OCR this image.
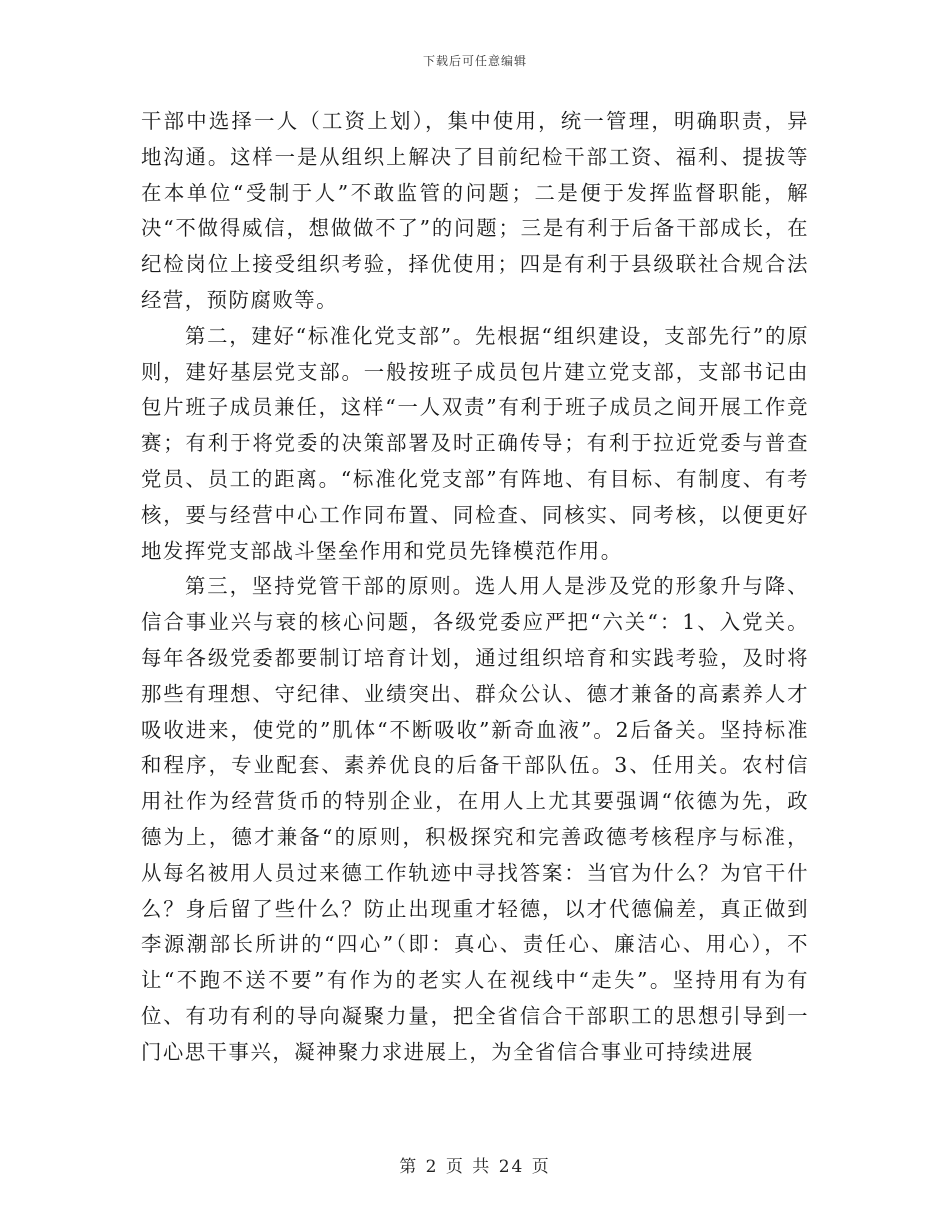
下载后可任意编辑

干部中选择一人（工资上划），集中使用，统一管理，明确职责，异地沟通。这样一是从组织上解决了目前纪检干部工资、福利、提拔等在本单位“受制于人”不敢监管的问题；二是便于发挥监督职能，解决“不做得威信，想做做不了”的问题；三是有利于后备干部成长，在纪检岗位上接受组织考验，择优使用；四是有利于县级联社合规合法经营，预防腐败等。

第二，建好“标准化党支部”。先根据“组织建设，支部先行”的原则，建好基层党支部。一般按班子成员包片建立党支部，支部书记由包片班子成员兼任，这样“一人双责”有利于班子成员之间开展工作竞赛；有利于将党委的决策部署及时正确传导；有利于拉近党委与普查党员、员工的距离。“标准化党支部”有阵地、有目标、有制度、有考核，要与经营中心工作同布置、同检查、同核实、同考核，以便更好地发挥党支部战斗堡垒作用和党员先锋模范作用。

第三，坚持党管干部的原则。选人用人是涉及党的形象升与降、信合事业兴与衰的核心问题，各级党委应严把“六关“：1、入党关。每年各级党委都要制订培育计划，通过组织培育和实践考验，及时将那些有理想、守纪律、业绩突出、群众公认、德才兼备的高素养人才吸收进来，使党的”肌体“不断吸收”新奇血液”。2后备关。坚持标准和程序，专业配套、素养优良的后备干部队伍。3、任用关。农村信用社作为经营货币的特别企业，在用人上尤其要强调“依德为先，政德为上，德才兼备“的原则，积极探究和完善政德考核程序与标准，从每名被用人员过来德工作轨迹中寻找答案：当官为什么？为官干什么？身后留了些什么？防止出现重才轻德，以才代德偏差，真正做到李源潮部长所讲的“四心”（即：真心、责任心、廉洁心、用心），不让“不跑不送不要”有作为的老实人在视线中“走失”。坚持用有为有位、有功有利的导向凝聚力量，把全省信合干部职工的思想引导到一门心思干事兴，凝神聚力求进展上，为全省信合事业可持续进展

第 2 页 共 24 页
